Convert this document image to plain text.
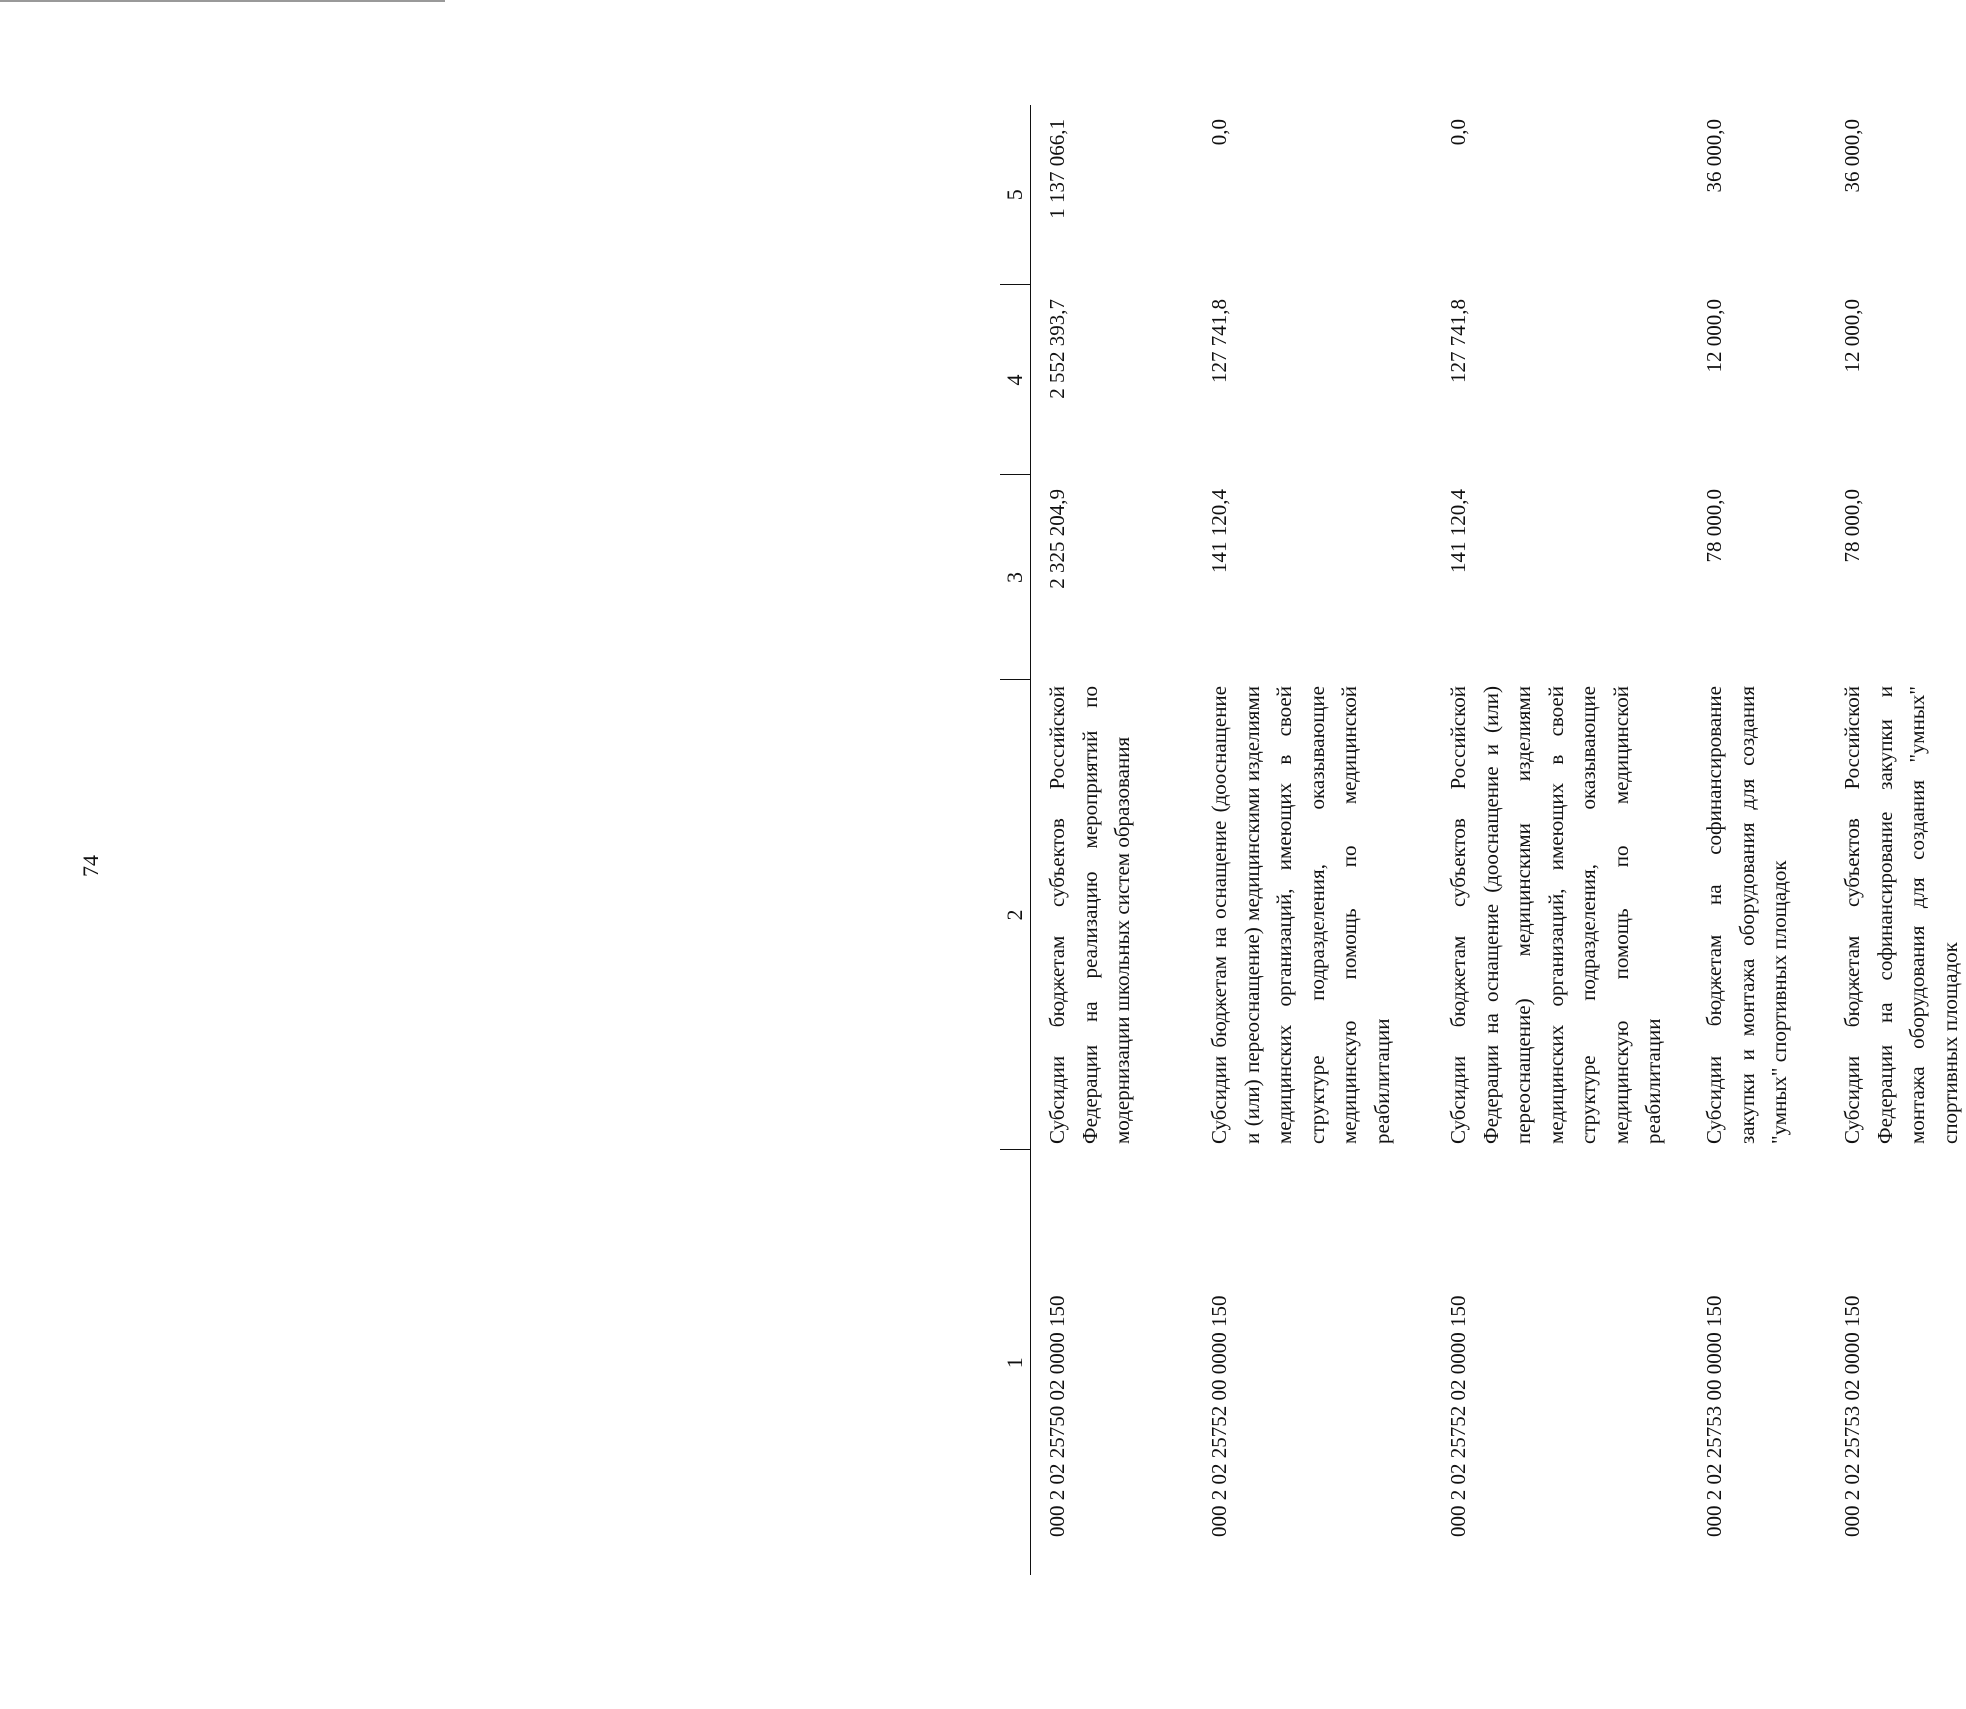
74
1	2	3	4	5
000 2 02 25750 02 0000 150	Субсидии бюджетам субъектов Российской Федерации на реализацию мероприятий по модернизации школьных систем образования	2 325 204,9	2 552 393,7	1 137 066,1
000 2 02 25752 00 0000 150	Субсидии бюджетам на оснащение (дооснащение и (или) переоснащение) медицинскими изделиями медицинских организаций, имеющих в своей структуре подразделения, оказывающие медицинскую помощь по медицинской реабилитации	141 120,4	127 741,8	0,0
000 2 02 25752 02 0000 150	Субсидии бюджетам субъектов Российской Федерации на оснащение (дооснащение и (или) переоснащение) медицинскими изделиями медицинских организаций, имеющих в своей структуре подразделения, оказывающие медицинскую помощь по медицинской реабилитации	141 120,4	127 741,8	0,0
000 2 02 25753 00 0000 150	Субсидии бюджетам на софинансирование закупки и монтажа оборудования для создания "умных" спортивных площадок	78 000,0	12 000,0	36 000,0
000 2 02 25753 02 0000 150	Субсидии бюджетам субъектов Российской Федерации на софинансирование закупки и монтажа оборудования для создания "умных" спортивных площадок	78 000,0	12 000,0	36 000,0
